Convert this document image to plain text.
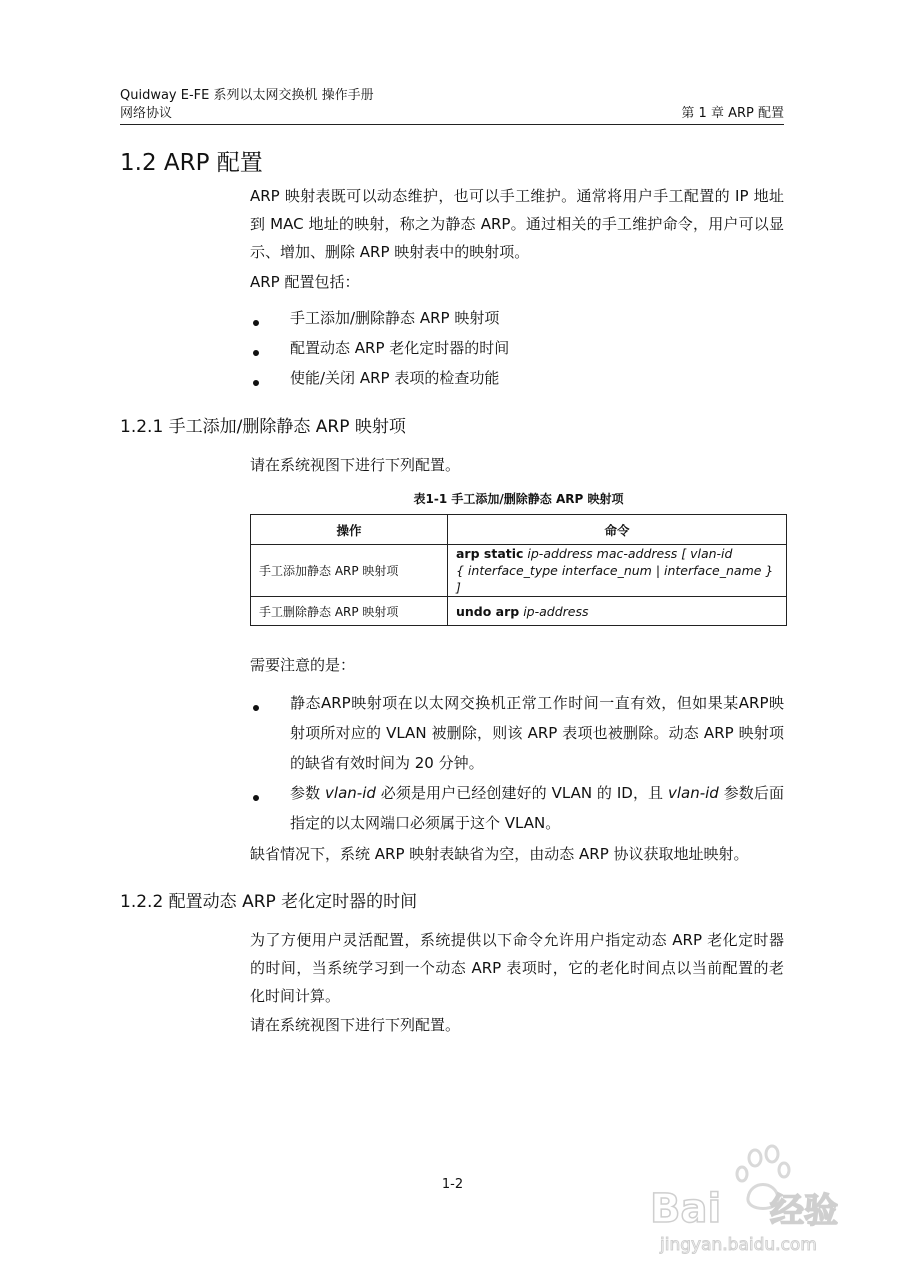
Quidway E-FE 系列以太网交换机 操作手册
网络协议	第 1 章 ARP 配置
1.2 ARP 配置

ARP 映射表既可以动态维护，也可以手工维护。通常将用户手工配置的 IP 地址到 MAC 地址的映射，称之为静态 ARP。通过相关的手工维护命令，用户可以显示、增加、删除 ARP 映射表中的映射项。

ARP 配置包括：

手工添加/删除静态 ARP 映射项

配置动态 ARP 老化定时器的时间

使能/关闭 ARP 表项的检查功能

1.2.1 手工添加/删除静态 ARP 映射项

请在系统视图下进行下列配置。

表1-1 手工添加/删除静态 ARP 映射项
操作	命令
手工添加静态 ARP 映射项	arp static ip-address mac-address [ vlan-id
{ interface_type interface_num | interface_name } ]
手工删除静态 ARP 映射项	undo arp ip-address

需要注意的是：

静态ARP映射项在以太网交换机正常工作时间一直有效，但如果某ARP映射项所对应的 VLAN 被删除，则该 ARP 表项也被删除。动态 ARP 映射项的缺省有效时间为 20 分钟。

参数 vlan-id 必须是用户已经创建好的 VLAN 的 ID，且 vlan-id 参数后面指定的以太网端口必须属于这个 VLAN。

缺省情况下，系统 ARP 映射表缺省为空，由动态 ARP 协议获取地址映射。

1.2.2 配置动态 ARP 老化定时器的时间

为了方便用户灵活配置，系统提供以下命令允许用户指定动态 ARP 老化定时器的时间，当系统学习到一个动态 ARP 表项时，它的老化时间点以当前配置的老化时间计算。

请在系统视图下进行下列配置。

1-2
Bai 经验
jingyan.baidu.com
